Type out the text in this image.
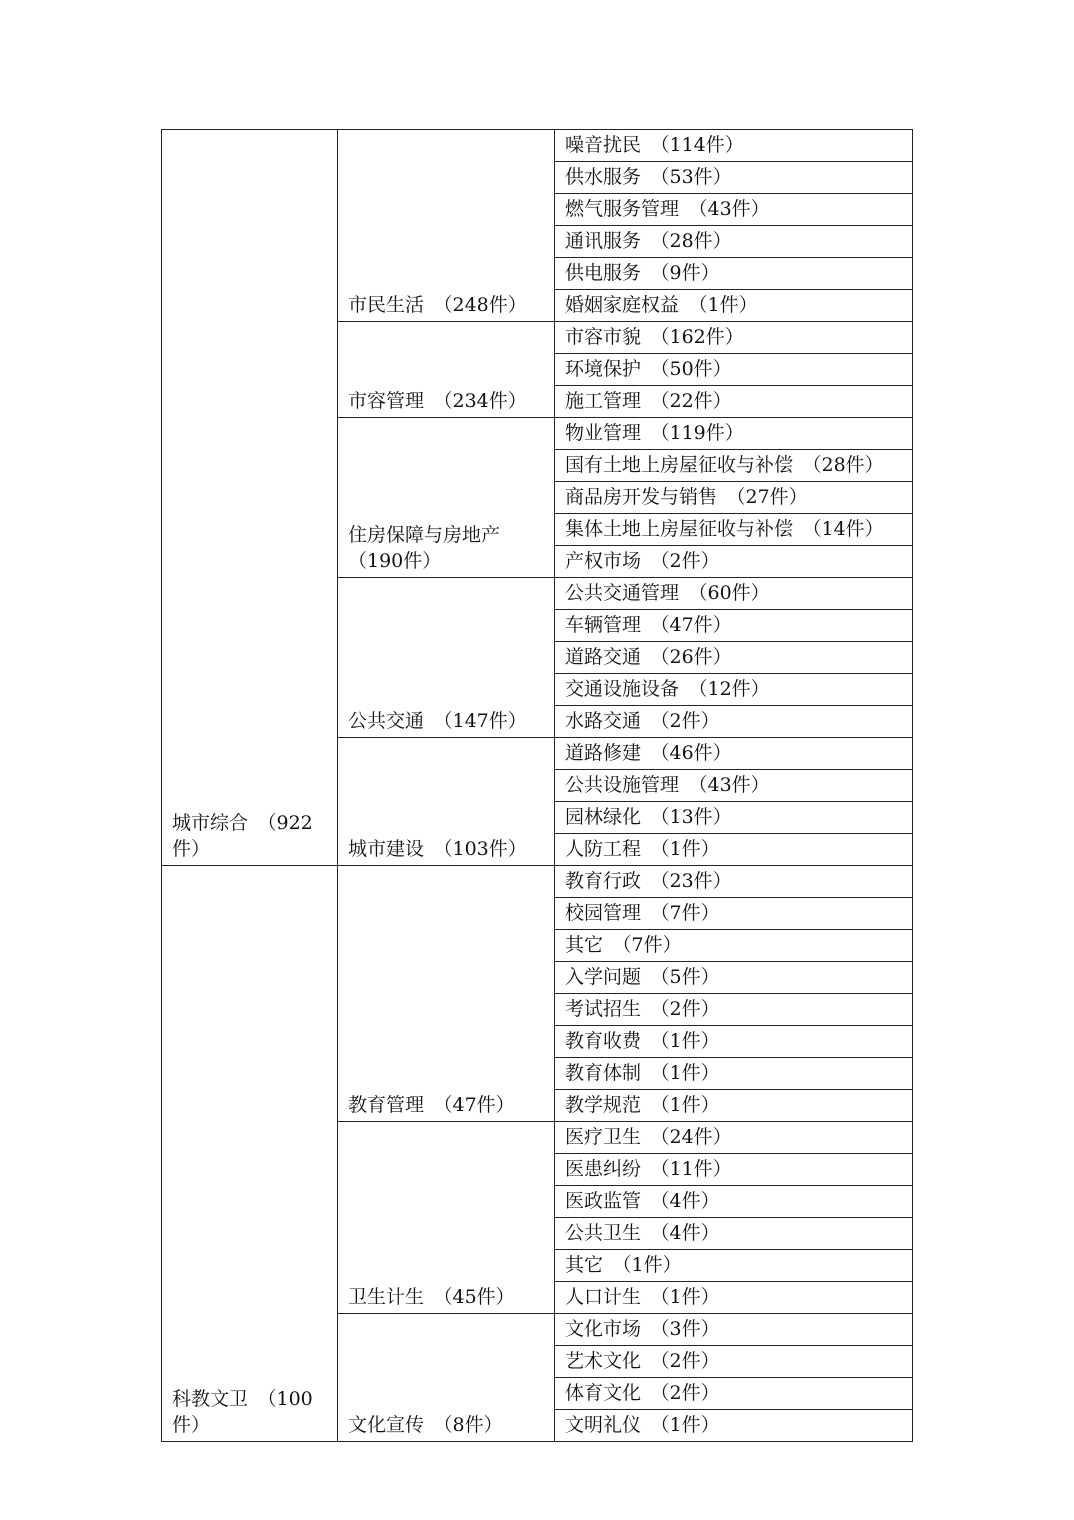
城市综合　（922件）	市民生活　（248件）	噪音扰民　（114件）
		供水服务　（53件）
		燃气服务管理　（43件）
		通讯服务　（28件）
		供电服务　（9件）
		婚姻家庭权益　（1件）
	市容管理　（234件）	市容市貌　（162件）
		环境保护　（50件）
		施工管理　（22件）
	住房保障与房地产（190件）	物业管理　（119件）
		国有土地上房屋征收与补偿　（28件）
		商品房开发与销售　（27件）
		集体土地上房屋征收与补偿　（14件）
		产权市场　（2件）
	公共交通　（147件）	公共交通管理　（60件）
		车辆管理　（47件）
		道路交通　（26件）
		交通设施设备　（12件）
		水路交通　（2件）
	城市建设　（103件）	道路修建　（46件）
		公共设施管理　（43件）
		园林绿化　（13件）
		人防工程　（1件）
科教文卫　（100件）	教育管理　（47件）	教育行政　（23件）
		校园管理　（7件）
		其它　（7件）
		入学问题　（5件）
		考试招生　（2件）
		教育收费　（1件）
		教育体制　（1件）
		教学规范　（1件）
	卫生计生　（45件）	医疗卫生　（24件）
		医患纠纷　（11件）
		医政监管　（4件）
		公共卫生　（4件）
		其它　（1件）
		人口计生　（1件）
	文化宣传　（8件）	文化市场　（3件）
		艺术文化　（2件）
		体育文化　（2件）
		文明礼仪　（1件）
